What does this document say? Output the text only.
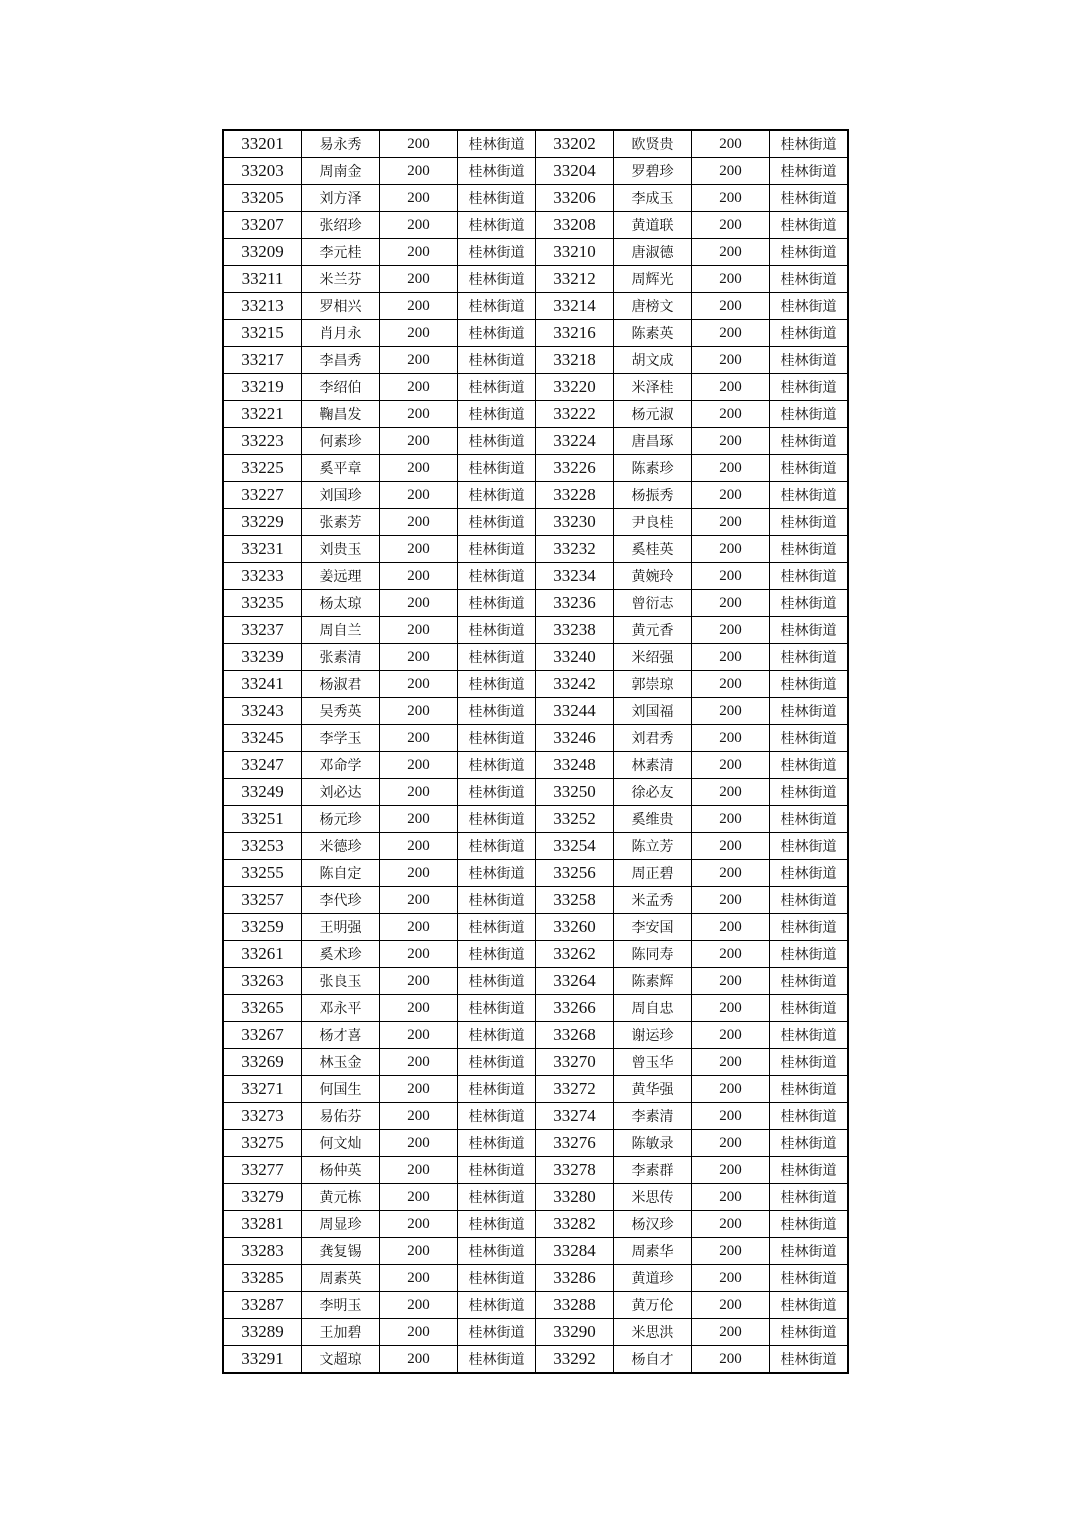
33201	易永秀	200	桂林街道	33202	欧贤贵	200	桂林街道
33203	周南金	200	桂林街道	33204	罗碧珍	200	桂林街道
33205	刘方泽	200	桂林街道	33206	李成玉	200	桂林街道
33207	张绍珍	200	桂林街道	33208	黄道联	200	桂林街道
33209	李元桂	200	桂林街道	33210	唐淑德	200	桂林街道
33211	米兰芬	200	桂林街道	33212	周辉光	200	桂林街道
33213	罗相兴	200	桂林街道	33214	唐榜文	200	桂林街道
33215	肖月永	200	桂林街道	33216	陈素英	200	桂林街道
33217	李昌秀	200	桂林街道	33218	胡文成	200	桂林街道
33219	李绍伯	200	桂林街道	33220	米泽桂	200	桂林街道
33221	鞠昌发	200	桂林街道	33222	杨元淑	200	桂林街道
33223	何素珍	200	桂林街道	33224	唐昌琢	200	桂林街道
33225	奚平章	200	桂林街道	33226	陈素珍	200	桂林街道
33227	刘国珍	200	桂林街道	33228	杨振秀	200	桂林街道
33229	张素芳	200	桂林街道	33230	尹良桂	200	桂林街道
33231	刘贵玉	200	桂林街道	33232	奚桂英	200	桂林街道
33233	姜远理	200	桂林街道	33234	黄婉玲	200	桂林街道
33235	杨太琼	200	桂林街道	33236	曾衍志	200	桂林街道
33237	周自兰	200	桂林街道	33238	黄元香	200	桂林街道
33239	张素清	200	桂林街道	33240	米绍强	200	桂林街道
33241	杨淑君	200	桂林街道	33242	郭崇琼	200	桂林街道
33243	吴秀英	200	桂林街道	33244	刘国福	200	桂林街道
33245	李学玉	200	桂林街道	33246	刘君秀	200	桂林街道
33247	邓命学	200	桂林街道	33248	林素清	200	桂林街道
33249	刘必达	200	桂林街道	33250	徐必友	200	桂林街道
33251	杨元珍	200	桂林街道	33252	奚维贵	200	桂林街道
33253	米德珍	200	桂林街道	33254	陈立芳	200	桂林街道
33255	陈自定	200	桂林街道	33256	周正碧	200	桂林街道
33257	李代珍	200	桂林街道	33258	米孟秀	200	桂林街道
33259	王明强	200	桂林街道	33260	李安国	200	桂林街道
33261	奚术珍	200	桂林街道	33262	陈同寿	200	桂林街道
33263	张良玉	200	桂林街道	33264	陈素辉	200	桂林街道
33265	邓永平	200	桂林街道	33266	周自忠	200	桂林街道
33267	杨才喜	200	桂林街道	33268	谢运珍	200	桂林街道
33269	林玉金	200	桂林街道	33270	曾玉华	200	桂林街道
33271	何国生	200	桂林街道	33272	黄华强	200	桂林街道
33273	易佑芬	200	桂林街道	33274	李素清	200	桂林街道
33275	何文灿	200	桂林街道	33276	陈敏录	200	桂林街道
33277	杨仲英	200	桂林街道	33278	李素群	200	桂林街道
33279	黄元栋	200	桂林街道	33280	米思传	200	桂林街道
33281	周显珍	200	桂林街道	33282	杨汉珍	200	桂林街道
33283	龚复锡	200	桂林街道	33284	周素华	200	桂林街道
33285	周素英	200	桂林街道	33286	黄道珍	200	桂林街道
33287	李明玉	200	桂林街道	33288	黄万伦	200	桂林街道
33289	王加碧	200	桂林街道	33290	米思洪	200	桂林街道
33291	文超琼	200	桂林街道	33292	杨自才	200	桂林街道
